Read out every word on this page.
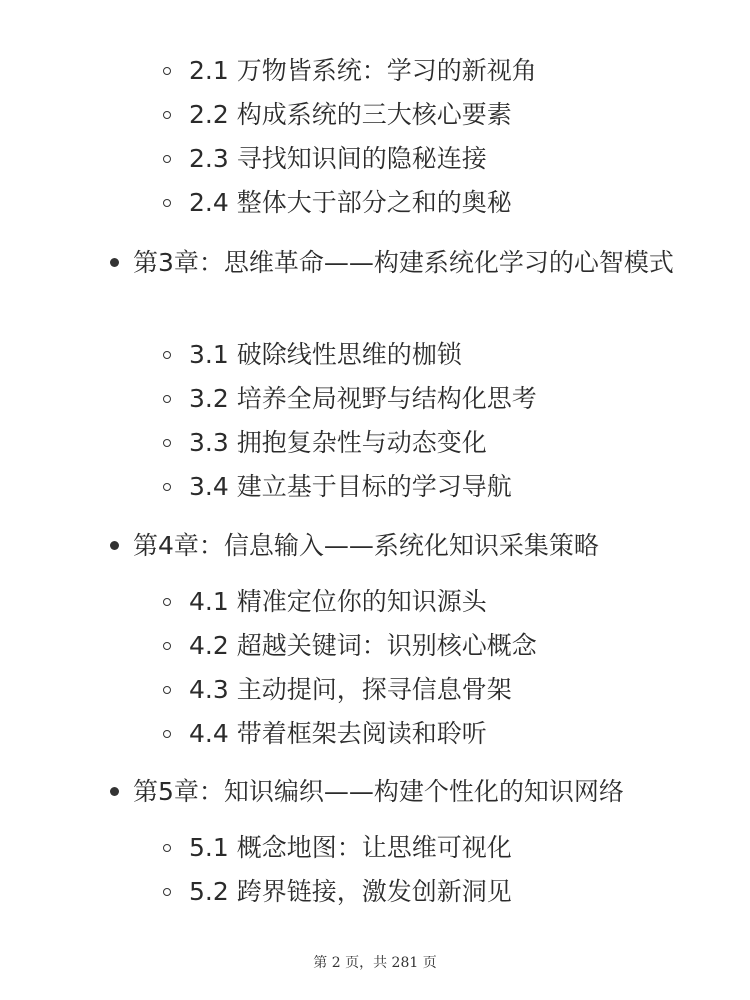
2.1 万物皆系统：学习的新视角
2.2 构成系统的三大核心要素
2.3 寻找知识间的隐秘连接
2.4 整体大于部分之和的奥秘
第3章：思维革命——构建系统化学习的心智模式
3.1 破除线性思维的枷锁
3.2 培养全局视野与结构化思考
3.3 拥抱复杂性与动态变化
3.4 建立基于目标的学习导航
第4章：信息输入——系统化知识采集策略
4.1 精准定位你的知识源头
4.2 超越关键词：识别核心概念
4.3 主动提问，探寻信息骨架
4.4 带着框架去阅读和聆听
第5章：知识编织——构建个性化的知识网络
5.1 概念地图：让思维可视化
5.2 跨界链接，激发创新洞见
第 2 页，共 281 页
